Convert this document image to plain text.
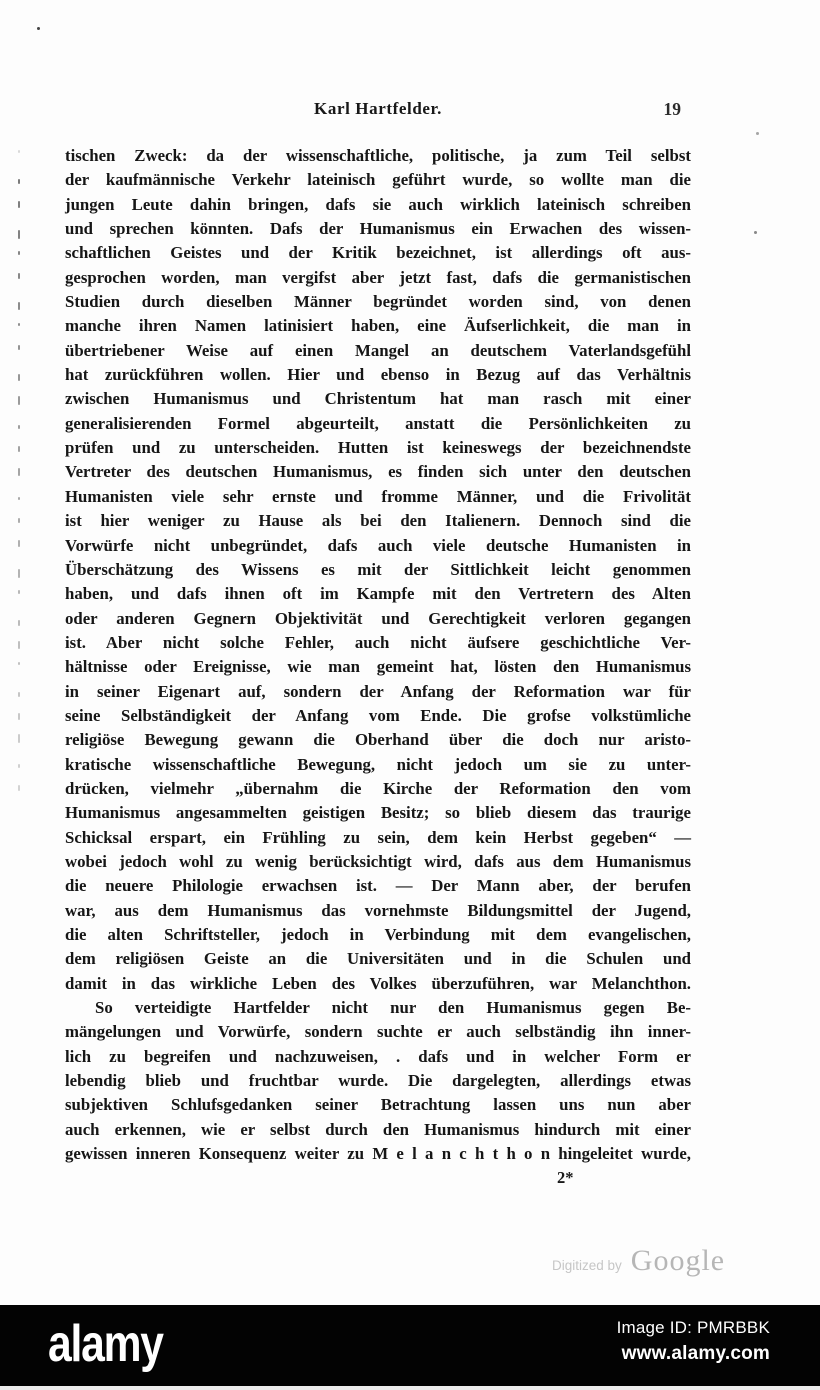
Karl Hartfelder.	19
tischen Zweck: da der wissenschaftliche, politische, ja zum Teil selbst
der kaufmännische Verkehr lateinisch geführt wurde, so wollte man die
jungen Leute dahin bringen, dafs sie auch wirklich lateinisch schreiben
und sprechen könnten. Dafs der Humanismus ein Erwachen des wissen-
schaftlichen Geistes und der Kritik bezeichnet, ist allerdings oft aus-
gesprochen worden, man vergifst aber jetzt fast, dafs die germanistischen
Studien durch dieselben Männer begründet worden sind, von denen
manche ihren Namen latinisiert haben, eine Äufserlichkeit, die man in
übertriebener Weise auf einen Mangel an deutschem Vaterlandsgefühl
hat zurückführen wollen. Hier und ebenso in Bezug auf das Verhältnis
zwischen Humanismus und Christentum hat man rasch mit einer
generalisierenden Formel abgeurteilt, anstatt die Persönlichkeiten zu
prüfen und zu unterscheiden. Hutten ist keineswegs der bezeichnendste
Vertreter des deutschen Humanismus, es finden sich unter den deutschen
Humanisten viele sehr ernste und fromme Männer, und die Frivolität
ist hier weniger zu Hause als bei den Italienern. Dennoch sind die
Vorwürfe nicht unbegründet, dafs auch viele deutsche Humanisten in
Überschätzung des Wissens es mit der Sittlichkeit leicht genommen
haben, und dafs ihnen oft im Kampfe mit den Vertretern des Alten
oder anderen Gegnern Objektivität und Gerechtigkeit verloren gegangen
ist. Aber nicht solche Fehler, auch nicht äufsere geschichtliche Ver-
hältnisse oder Ereignisse, wie man gemeint hat, lösten den Humanismus
in seiner Eigenart auf, sondern der Anfang der Reformation war für
seine Selbständigkeit der Anfang vom Ende. Die grofse volkstümliche
religiöse Bewegung gewann die Oberhand über die doch nur aristo-
kratische wissenschaftliche Bewegung, nicht jedoch um sie zu unter-
drücken, vielmehr „übernahm die Kirche der Reformation den vom
Humanismus angesammelten geistigen Besitz; so blieb diesem das traurige
Schicksal erspart, ein Frühling zu sein, dem kein Herbst gegeben“ —
wobei jedoch wohl zu wenig berücksichtigt wird, dafs aus dem Humanismus
die neuere Philologie erwachsen ist. — Der Mann aber, der berufen
war, aus dem Humanismus das vornehmste Bildungsmittel der Jugend,
die alten Schriftsteller, jedoch in Verbindung mit dem evangelischen,
dem religiösen Geiste an die Universitäten und in die Schulen und
damit in das wirkliche Leben des Volkes überzuführen, war Melanchthon.
So verteidigte Hartfelder nicht nur den Humanismus gegen Be-
mängelungen und Vorwürfe, sondern suchte er auch selbständig ihn inner-
lich zu begreifen und nachzuweisen, . dafs und in welcher Form er
lebendig blieb und fruchtbar wurde. Die dargelegten, allerdings etwas
subjektiven Schlufsgedanken seiner Betrachtung lassen uns nun aber
auch erkennen, wie er selbst durch den Humanismus hindurch mit einer
gewissen inneren Konsequenz weiter zu M e l a n c h t h o n hingeleitet wurde,
2*
Digitized by Google
alamy	Image ID: PMRBBK
www.alamy.com
